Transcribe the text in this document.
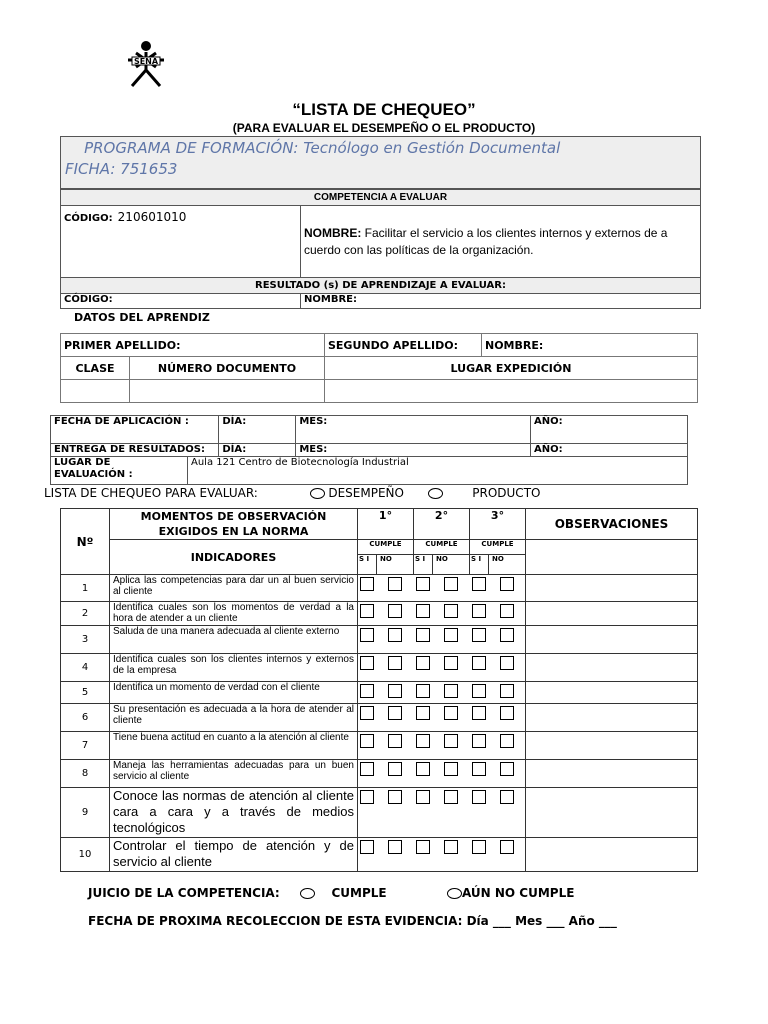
SENA
“LISTA DE CHEQUEO”
(PARA EVALUAR EL DESEMPEÑO O EL PRODUCTO)
PROGRAMA DE FORMACIÓN: Tecnólogo en Gestión Documental
FICHA: 751653
COMPETENCIA A EVALUAR	
CÓDIGO: 210601010	NOMBRE: Facilitar el servicio a los clientes internos y externos de a cuerdo con las políticas de la organización.
RESULTADO (s) DE APRENDIZAJE A EVALUAR:	
CÓDIGO:	NOMBRE:
DATOS DEL APRENDIZ
PRIMER APELLIDO:		SEGUNDO APELLIDO:	NOMBRE:
CLASE	NÚMERO DOCUMENTO	LUGAR EXPEDICIÓN	

FECHA DE APLICACIÓN :		DÍA:	MES:	AÑO:
ENTREGA DE RESULTADOS:		DÍA:	MES:	AÑO:
LUGAR DE EVALUACIÓN :	Aula 121 Centro de Biotecnología Industrial			
LISTA DE CHEQUEO PARA EVALUAR:	DESEMPEÑO	PRODUCTO
Nº	MOMENTOS DE OBSERVACIÓN EXIGIDOS EN LA NORMA	1°		2°		3°		OBSERVACIONES
	INDICADORES	CUMPLE		CUMPLE		CUMPLE		
		S I	NO	S I	NO	S I	NO	
1	Aplica las competencias para dar un al buen servicio al cliente							
2	Identifica cuales son los momentos de verdad a la hora de atender a un cliente							
3	Saluda de una manera adecuada al cliente externo							
4	Identifica cuales son los clientes internos y externos de la empresa							
5	Identifica un momento de verdad con el cliente							
6	Su presentación es adecuada a la hora de atender al cliente							
7	Tiene buena actitud en cuanto a la atención al cliente							
8	Maneja las herramientas adecuadas para un buen servicio al cliente							
9	Conoce las normas de atención al cliente cara a cara y a través de medios tecnológicos							
10	Controlar el tiempo de atención y de servicio al cliente							
JUICIO DE LA COMPETENCIA:	CUMPLE	AÚN NO CUMPLE
FECHA DE PROXIMA RECOLECCION DE ESTA EVIDENCIA: Día ___ Mes ___ Año ___
